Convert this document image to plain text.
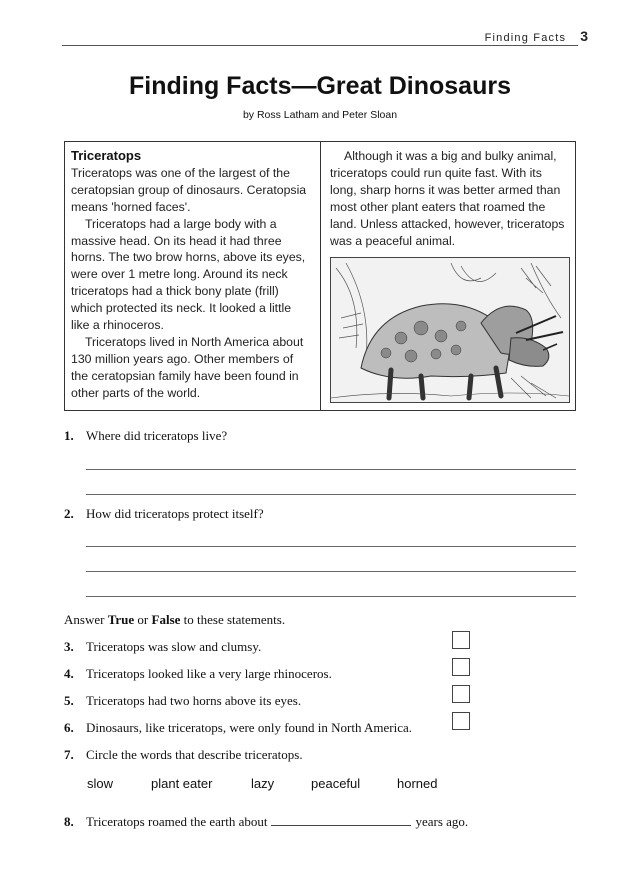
Finding Facts 3
Finding Facts—Great Dinosaurs
by Ross Latham and Peter Sloan

Triceratops

Triceratops was one of the largest of the ceratopsian group of dinosaurs. Ceratopsia means 'horned faces'.

Triceratops had a large body with a massive head. On its head it had three horns. The two brow horns, above its eyes, were over 1 metre long. Around its neck triceratops had a thick bony plate (frill) which protected its neck. It looked a little like a rhinoceros.

Triceratops lived in North America about 130 million years ago. Other members of the ceratopsian family have been found in other parts of the world.

Although it was a big and bulky animal, triceratops could run quite fast. With its long, sharp horns it was better armed than most other plant eaters that roamed the land. Unless attacked, however, triceratops was a peaceful animal.

1. Where did triceratops live?
2. How did triceratops protect itself?
Answer True or False to these statements.
3. Triceratops was slow and clumsy.
4. Triceratops looked like a very large rhinoceros.
5. Triceratops had two horns above its eyes.
6. Dinosaurs, like triceratops, were only found in North America.
7. Circle the words that describe triceratops.
slow	plant eater	lazy	peaceful	horned
8. Triceratops roamed the earth about	years ago.
